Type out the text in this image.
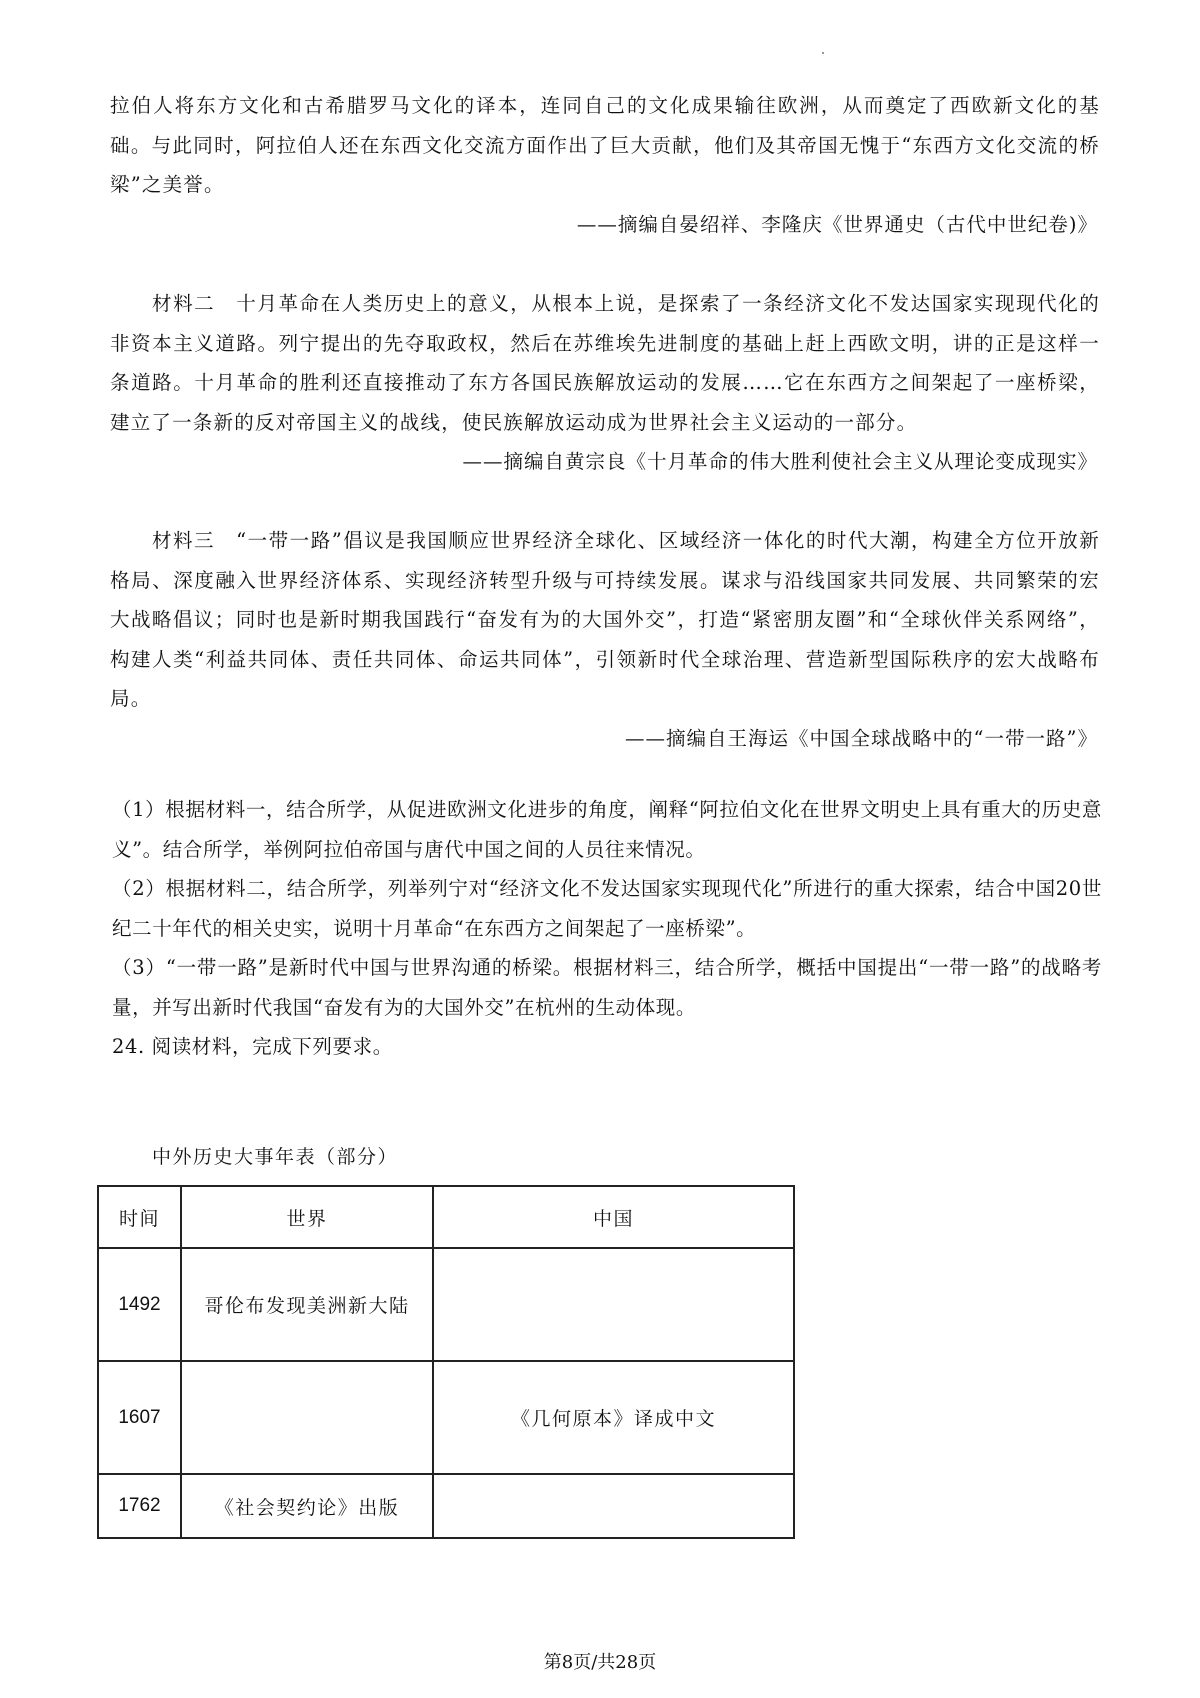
拉伯人将东方文化和古希腊罗马文化的译本，连同自己的文化成果输往欧洲，从而奠定了西欧新文化的基础。与此同时，阿拉伯人还在东西文化交流方面作出了巨大贡献，他们及其帝国无愧于“东西方文化交流的桥梁”之美誉。

——摘编自晏绍祥、李隆庆《世界通史（古代中世纪卷)》

材料二　十月革命在人类历史上的意义，从根本上说，是探索了一条经济文化不发达国家实现现代化的非资本主义道路。列宁提出的先夺取政权，然后在苏维埃先进制度的基础上赶上西欧文明，讲的正是这样一条道路。十月革命的胜利还直接推动了东方各国民族解放运动的发展……它在东西方之间架起了一座桥梁，建立了一条新的反对帝国主义的战线，使民族解放运动成为世界社会主义运动的一部分。

——摘编自黄宗良《十月革命的伟大胜利使社会主义从理论变成现实》

材料三　“一带一路”倡议是我国顺应世界经济全球化、区域经济一体化的时代大潮，构建全方位开放新格局、深度融入世界经济体系、实现经济转型升级与可持续发展。谋求与沿线国家共同发展、共同繁荣的宏大战略倡议；同时也是新时期我国践行“奋发有为的大国外交”，打造“紧密朋友圈”和“全球伙伴关系网络”，构建人类“利益共同体、责任共同体、命运共同体”，引领新时代全球治理、营造新型国际秩序的宏大战略布局。

——摘编自王海运《中国全球战略中的“一带一路”》

（1）根据材料一，结合所学，从促进欧洲文化进步的角度，阐释“阿拉伯文化在世界文明史上具有重大的历史意义”。结合所学，举例阿拉伯帝国与唐代中国之间的人员往来情况。

（2）根据材料二，结合所学，列举列宁对“经济文化不发达国家实现现代化”所进行的重大探索，结合中国20世纪二十年代的相关史实，说明十月革命“在东西方之间架起了一座桥梁”。

（3）“一带一路”是新时代中国与世界沟通的桥梁。根据材料三，结合所学，概括中国提出“一带一路”的战略考量，并写出新时代我国“奋发有为的大国外交”在杭州的生动体现。

24. 阅读材料，完成下列要求。

中外历史大事年表（部分）
时间	世界	中国
1492	哥伦布发现美洲新大陆	
1607		《几何原本》译成中文
1762	《社会契约论》出版	
第8页/共28页
